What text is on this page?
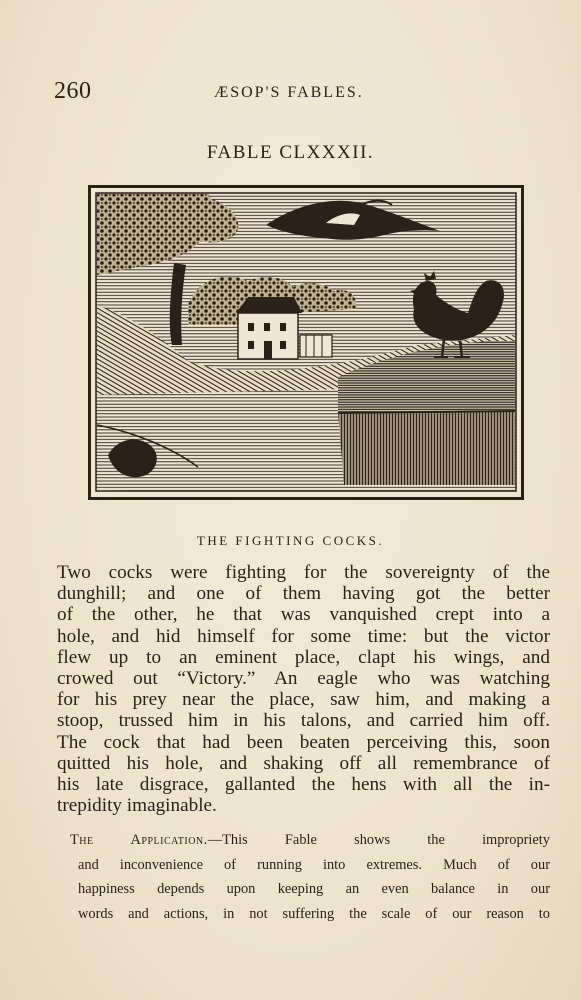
260	ÆSOP'S FABLES.
FABLE CLXXXII.
THE FIGHTING COCKS.
Two cocks were fighting for the sovereignty of the
dunghill; and one of them having got the better
of the other, he that was vanquished crept into a
hole, and hid himself for some time: but the victor
flew up to an eminent place, clapt his wings, and
crowed out “Victory.” An eagle who was watching
for his prey near the place, saw him, and making a
stoop, trussed him in his talons, and carried him off.
The cock that had been beaten perceiving this, soon
quitted his hole, and shaking off all remembrance of
his late disgrace, gallanted the hens with all the in-
trepidity imaginable.
The Application.—This Fable shows the impropriety
and inconvenience of running into extremes. Much of our
happiness depends upon keeping an even balance in our
words and actions, in not suffering the scale of our reason to
